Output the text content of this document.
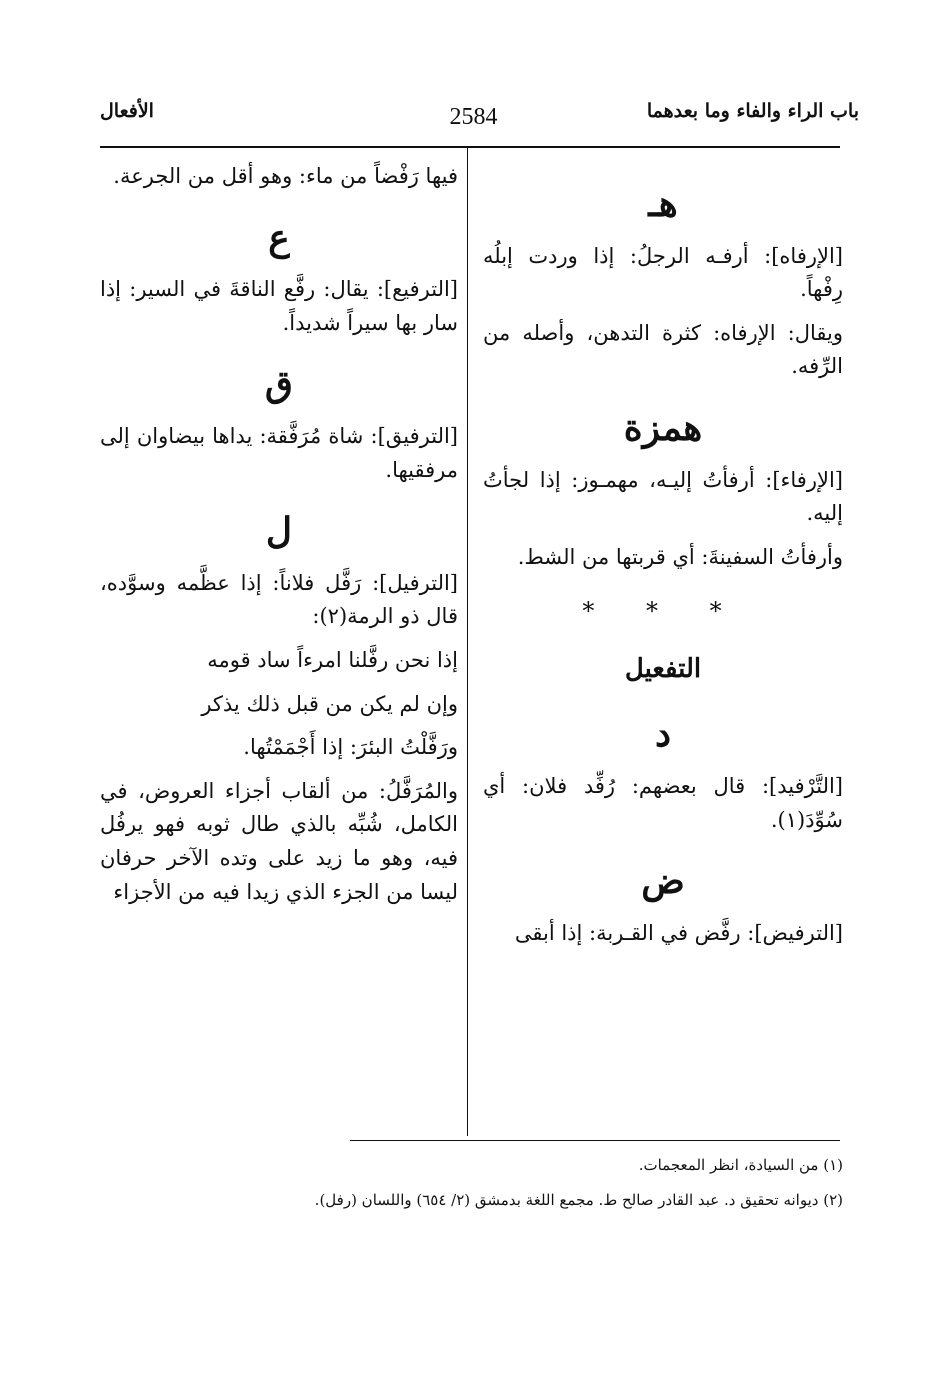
باب الراء والفاء وما بعدهما
2584
الأفعال
هـ

[الإرفاه]: أرفـه الرجلُ: إذا وردت إبلُه رِفْهاً.

ويقال: الإرفاه: كثرة التدهن، وأصله من الرِّفه.

همزة

[الإرفاء]: أرفأتُ إليـه، مهمـوز: إذا لجأتُ إليه.

وأرفأتُ السفينةَ: أي قربتها من الشط.

* * *
التفعيل
د

[التَّرْفيد]: قال بعضهم: رُفِّد فلان: أي سُوِّدَ(١).

ض

[الترفيض]: رفَّض في القـربة: إذا أبقى

فيها رَفْضاً من ماء: وهو أقل من الجرعة.

ع

[الترفيع]: يقال: رفَّع الناقةَ في السير: إذا سار بها سيراً شديداً.

ق

[الترفيق]: شاة مُرَفَّقة: يداها بيضاوان إلى مرفقيها.

ل

[الترفيل]: رَفَّل فلاناً: إذا عظَّمه وسوَّده، قال ذو الرمة(٢):

إذا نحن رفَّلنا امرءاً ساد قومه

وإن لم يكن من قبل ذلك يذكر

ورَفَّلْتُ البئرَ: إذا أَجْمَمْتُها.

والمُرَفَّلُ: من ألقاب أجزاء العروض، في الكامل، شُبِّه بالذي طال ثوبه فهو يرفُل فيه، وهو ما زيد على وتده الآخر حرفان ليسا من الجزء الذي زيدا فيه من الأجزاء

(١) من السيادة، انظر المعجمات.
(٢) ديوانه تحقيق د. عبد القادر صالح ط. مجمع اللغة بدمشق (٢/ ٦٥٤) واللسان (رفل).
